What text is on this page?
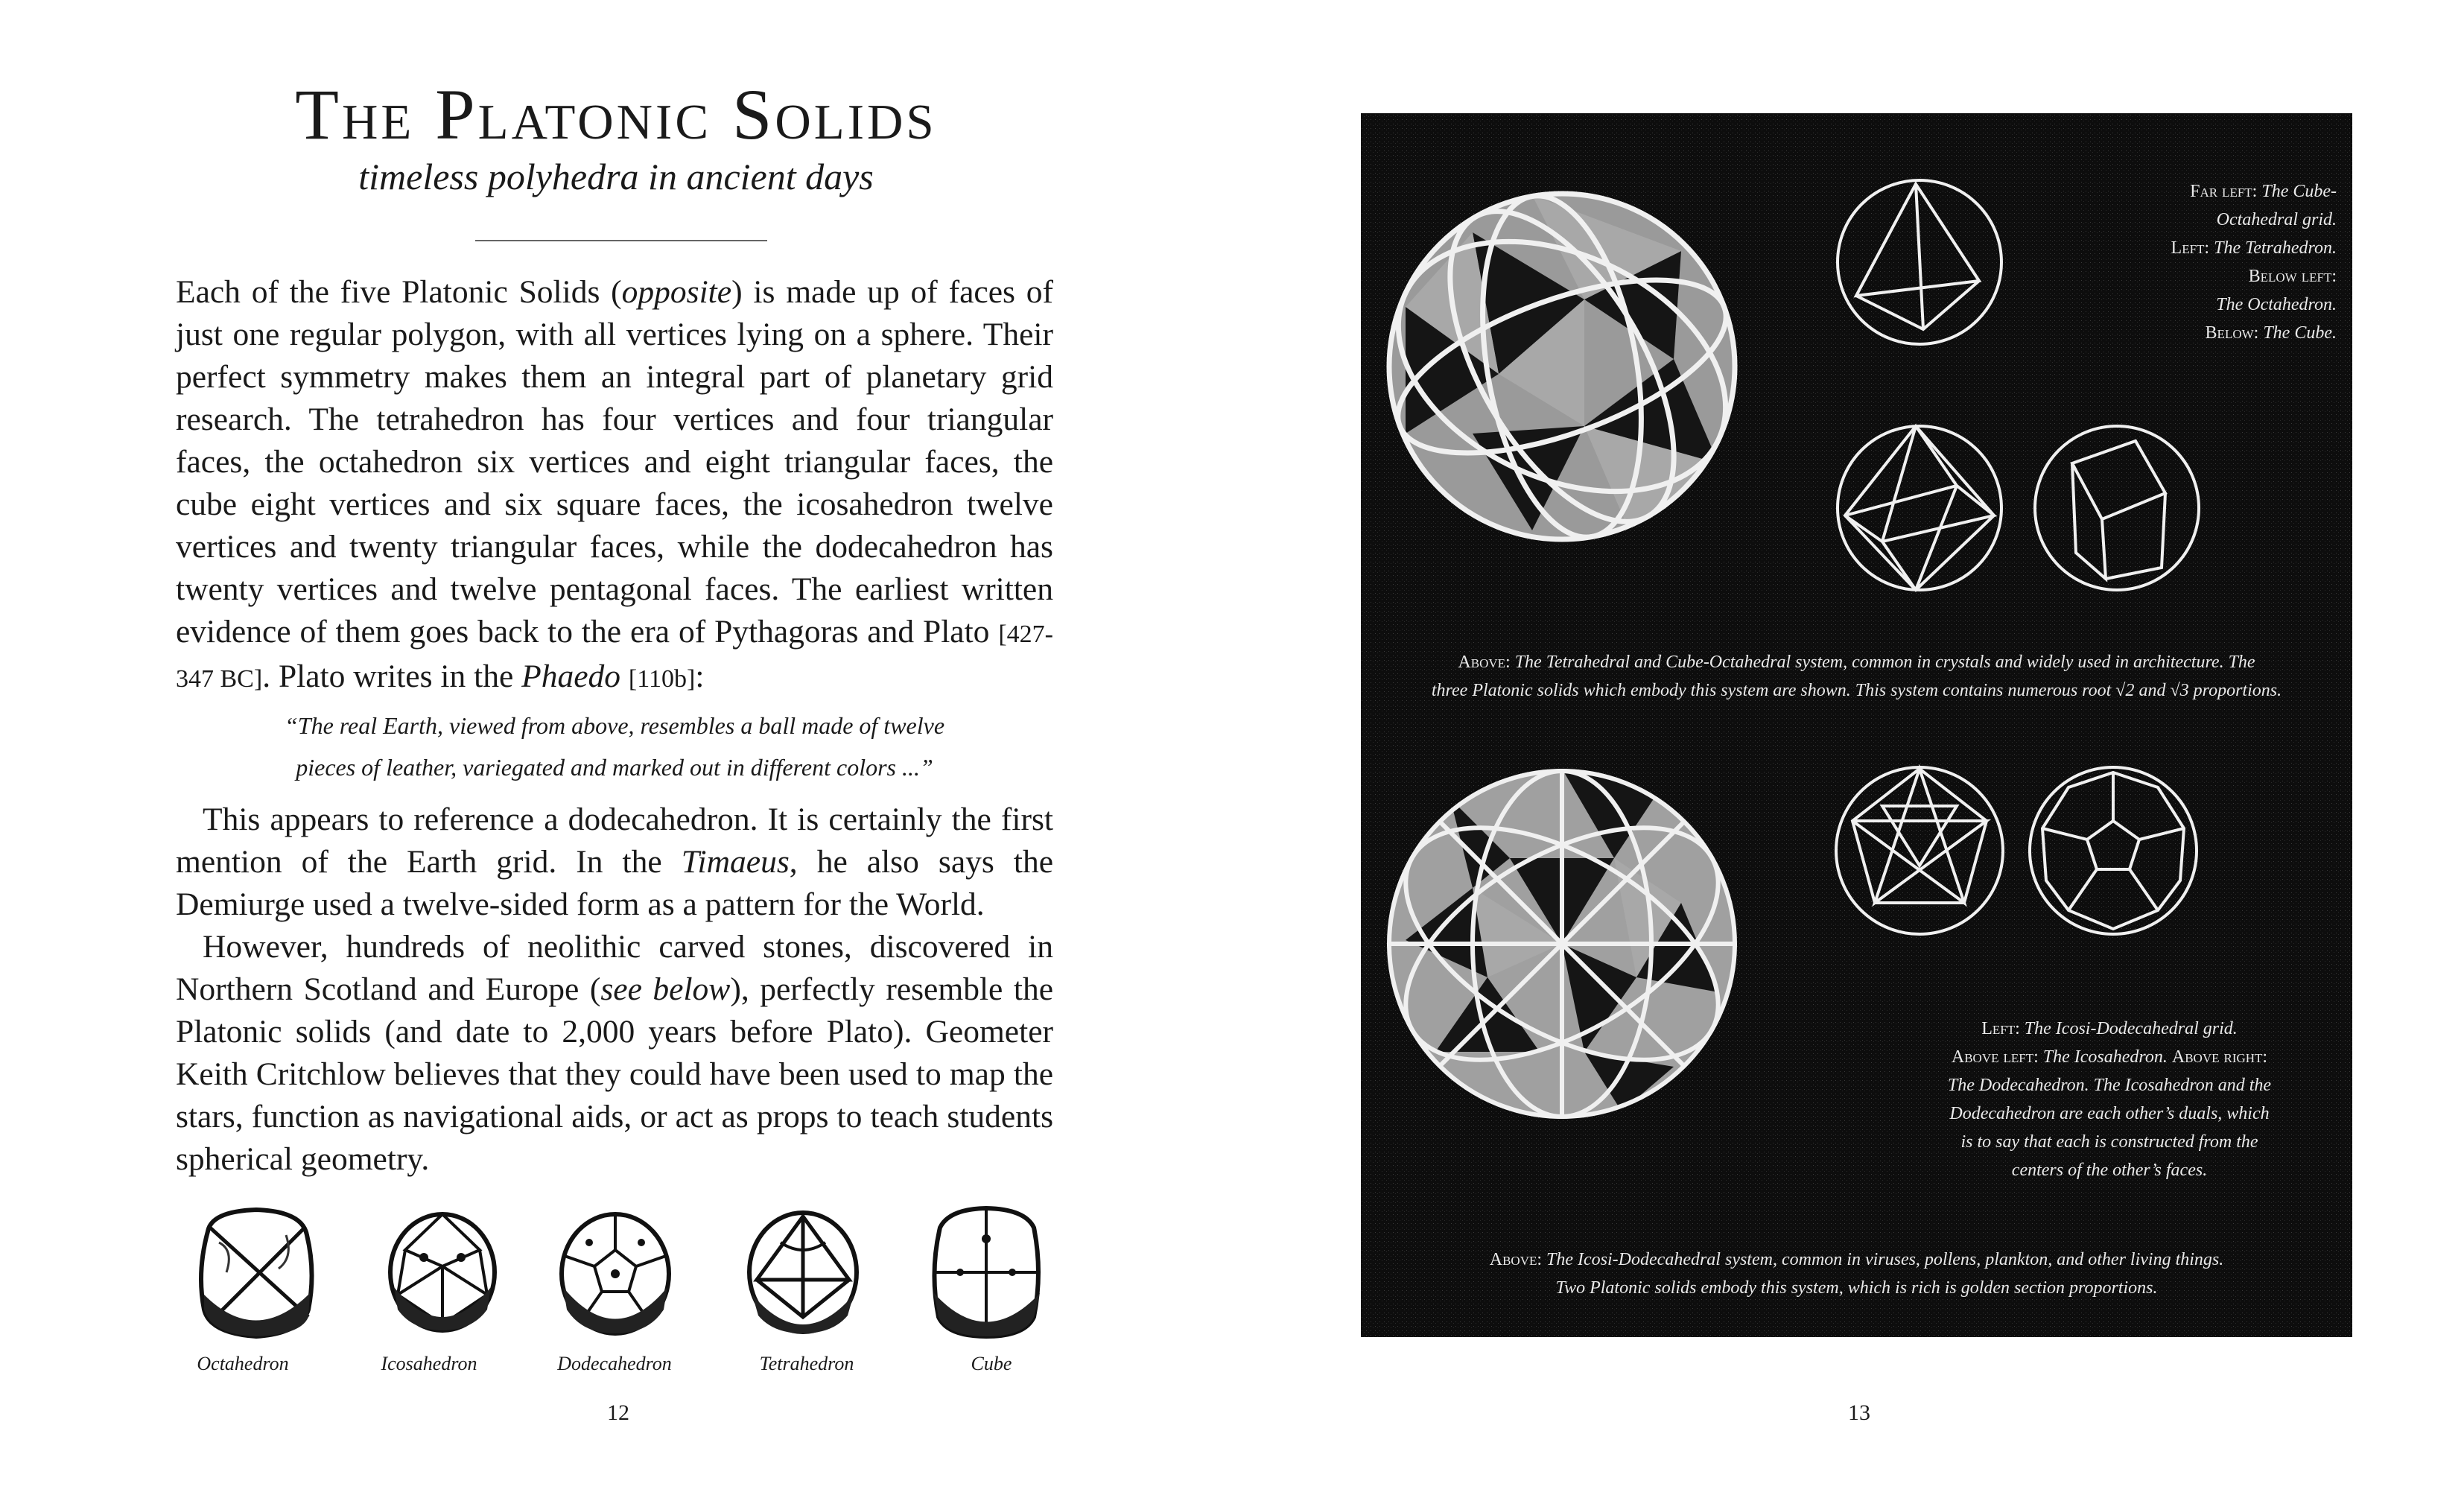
The Platonic Solids
timeless polyhedra in ancient days

Each of the five Platonic Solids (opposite) is made up of faces of just one regular polygon, with all vertices lying on a sphere. Their perfect symmetry makes them an integral part of planetary grid research. The tetrahedron has four vertices and four triangular faces, the octahedron six vertices and eight triangular faces, the cube eight vertices and six square faces, the icosahedron twelve vertices and twenty triangular faces, while the dodecahedron has twenty vertices and twelve pentagonal faces. The earliest written evidence of them goes back to the era of Pythagoras and Plato [427-347 BC]. Plato writes in the Phaedo [110b]:

“The real Earth, viewed from above, resembles a ball made of twelve
pieces of leather, variegated and marked out in different colors ...”

This appears to reference a dodecahedron. It is certainly the first mention of the Earth grid. In the Timaeus, he also says the Demiurge used a twelve-sided form as a pattern for the World.

However, hundreds of neolithic carved stones, discovered in Northern Scotland and Europe (see below), perfectly resemble the Platonic solids (and date to 2,000 years before Plato). Geometer Keith Critchlow believes that they could have been used to map the stars, function as navigational aids, or act as props to teach students spherical geometry.

Octahedron	Icosahedron	Dodecahedron	Tetrahedron	Cube
12	13
Far left: The Cube-
Octahedral grid.
Left: The Tetrahedron.
Below left:
The Octahedron.
Below: The Cube.
Above: The Tetrahedral and Cube-Octahedral system, common in crystals and widely used in architecture. The
three Platonic solids which embody this system are shown. This system contains numerous root √2 and √3 proportions.
Left: The Icosi-Dodecahedral grid.
Above left: The Icosahedron. Above right:
The Dodecahedron. The Icosahedron and the
Dodecahedron are each other’s duals, which
is to say that each is constructed from the
centers of the other’s faces.
Above: The Icosi-Dodecahedral system, common in viruses, pollens, plankton, and other living things.
Two Platonic solids embody this system, which is rich is golden section proportions.
